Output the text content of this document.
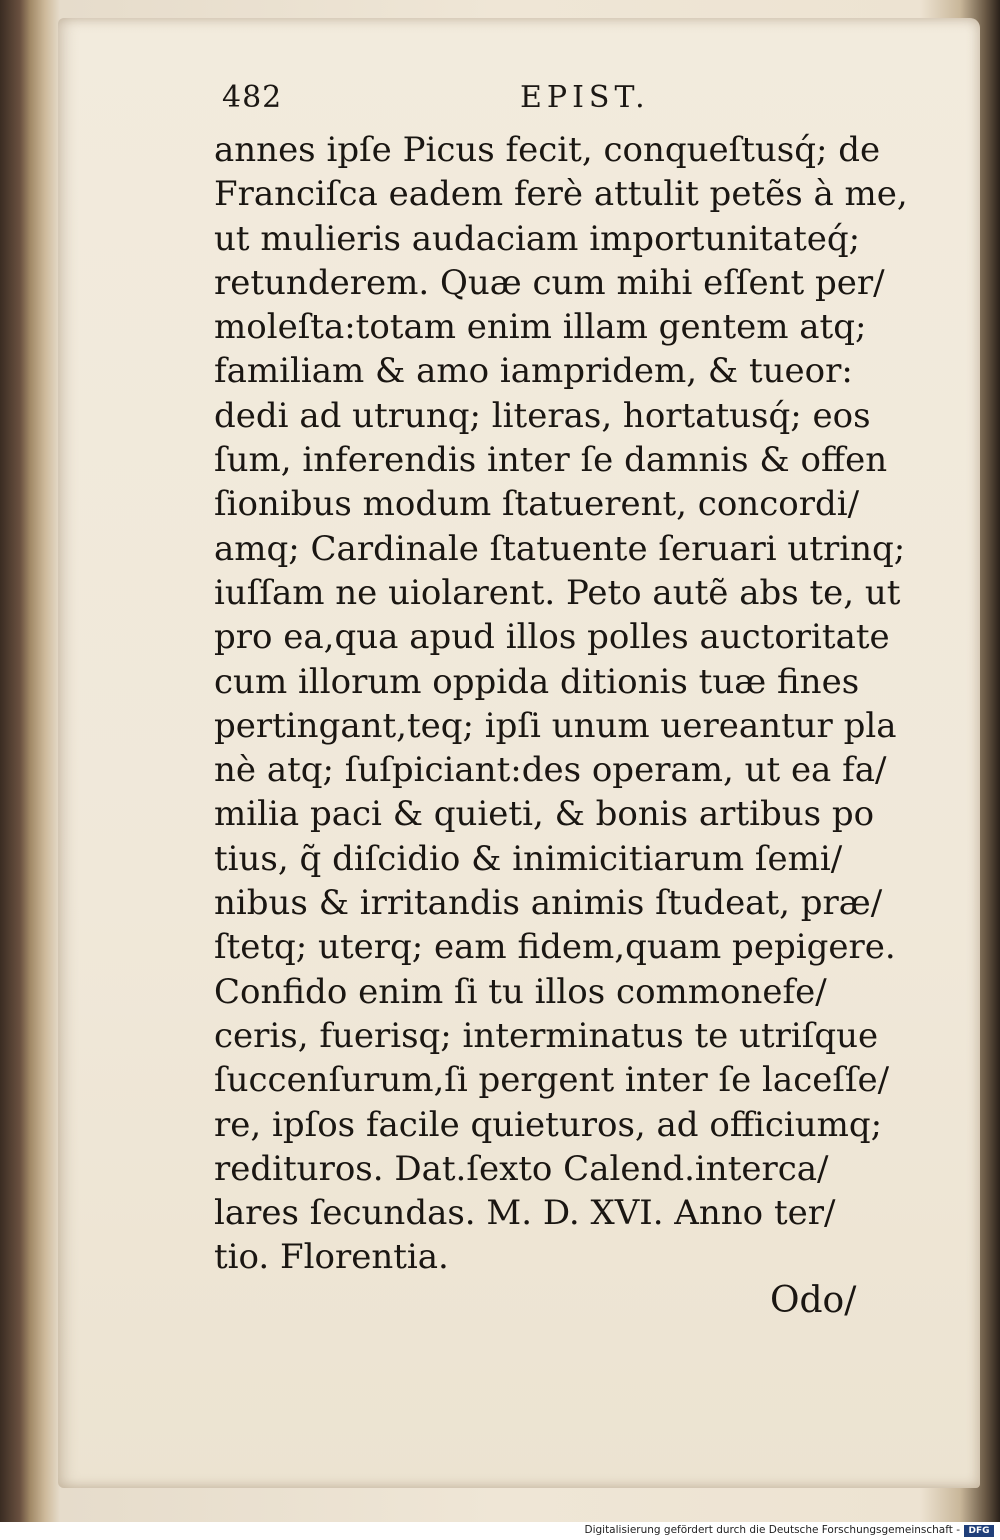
482	EPIST.
annes ipſe Picus fecit, conqueſtusq́; de
Franciſca eadem ferè attulit petẽs à me,
ut mulieris audaciam importunitateq́;
retunderem. Quæ cum mihi eſſent per/
moleſta:totam enim illam gentem atq;
familiam & amo iampridem, & tueor:
dedi ad utrunq; literas, hortatusq́; eos
ſum, inferendis inter ſe damnis & offen
ſionibus modum ſtatuerent, concordi/
amq; Cardinale ſtatuente ſeruari utrinq;
iuſſam ne uiolarent. Peto autẽ abs te, ut
pro ea,qua apud illos polles auctoritate
cum illorum oppida ditionis tuæ fines
pertingant,teq; ipſi unum uereantur pla
nè atq; ſuſpiciant:des operam, ut ea fa/
milia paci & quieti, & bonis artibus po
tius, q̃ diſcidio & inimicitiarum ſemi/
nibus & irritandis animis ſtudeat, præ/
ſtetq; uterq; eam fidem,quam pepigere.
Confido enim ſi tu illos commonefe/
ceris, fuerisq; interminatus te utriſque
ſuccenſurum,ſi pergent inter ſe laceſſe/
re, ipſos facile quieturos, ad officiumq;
redituros. Dat.ſexto Calend.interca/
lares ſecundas. M. D. XVI. Anno ter/
tio. Florentia.
Odo/
Digitalisierung gefördert durch die Deutsche Forschungsgemeinschaft - DFG
